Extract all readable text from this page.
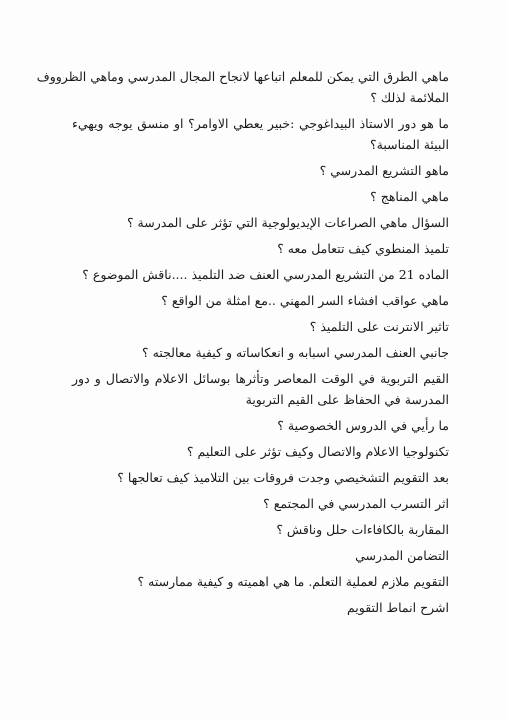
ماهي الطرق التي يمكن للمعلم اتباعها لانجاح المجال المدرسي وماهي الظرووف
الملائمة لذلك ؟
ما هو دور الاستاذ البيداغوجي :خبير يعطي الاوامر؟ او منسق يوجه ويهيء
البيئة المناسبة؟
ماهو التشريع المدرسي ؟
ماهي المناهج ؟
السؤال ماهي الصراعات الإيديولوجية التي تؤثر على المدرسة ؟
تلميذ المنطوي كيف تتعامل معه ؟
الماده 21 من التشريع المدرسي العنف ضد التلميذ ....ناقش الموضوع ؟
ماهي عواقب افشاء السر المهني ..مع امثلة من الواقع ؟
تاثير الانترنت على التلميذ ؟
جانبي العنف المدرسي اسبابه و انعكاساته و كيفية معالجته ؟
القيم التربوية في الوقت المعاصر وتأثرها بوسائل الاعلام والاتصال و دور
المدرسة في الحفاظ على القيم التربوية
ما رأيي في الدروس الخصوصية ؟
تكنولوجيا الاعلام والاتصال وكيف تؤثر على التعليم ؟
بعد التقويم التشخيصي وجدت فروقات بين التلاميذ كيف تعالجها ؟
اثر التسرب المدرسي في المجتمع ؟
المقاربة بالكافاءات حلل وناقش ؟
التضامن المدرسي
التقويم ملازم لعملية التعلم. ما هي اهميته و كيفية ممارسته ؟
اشرح انماط التقويم
